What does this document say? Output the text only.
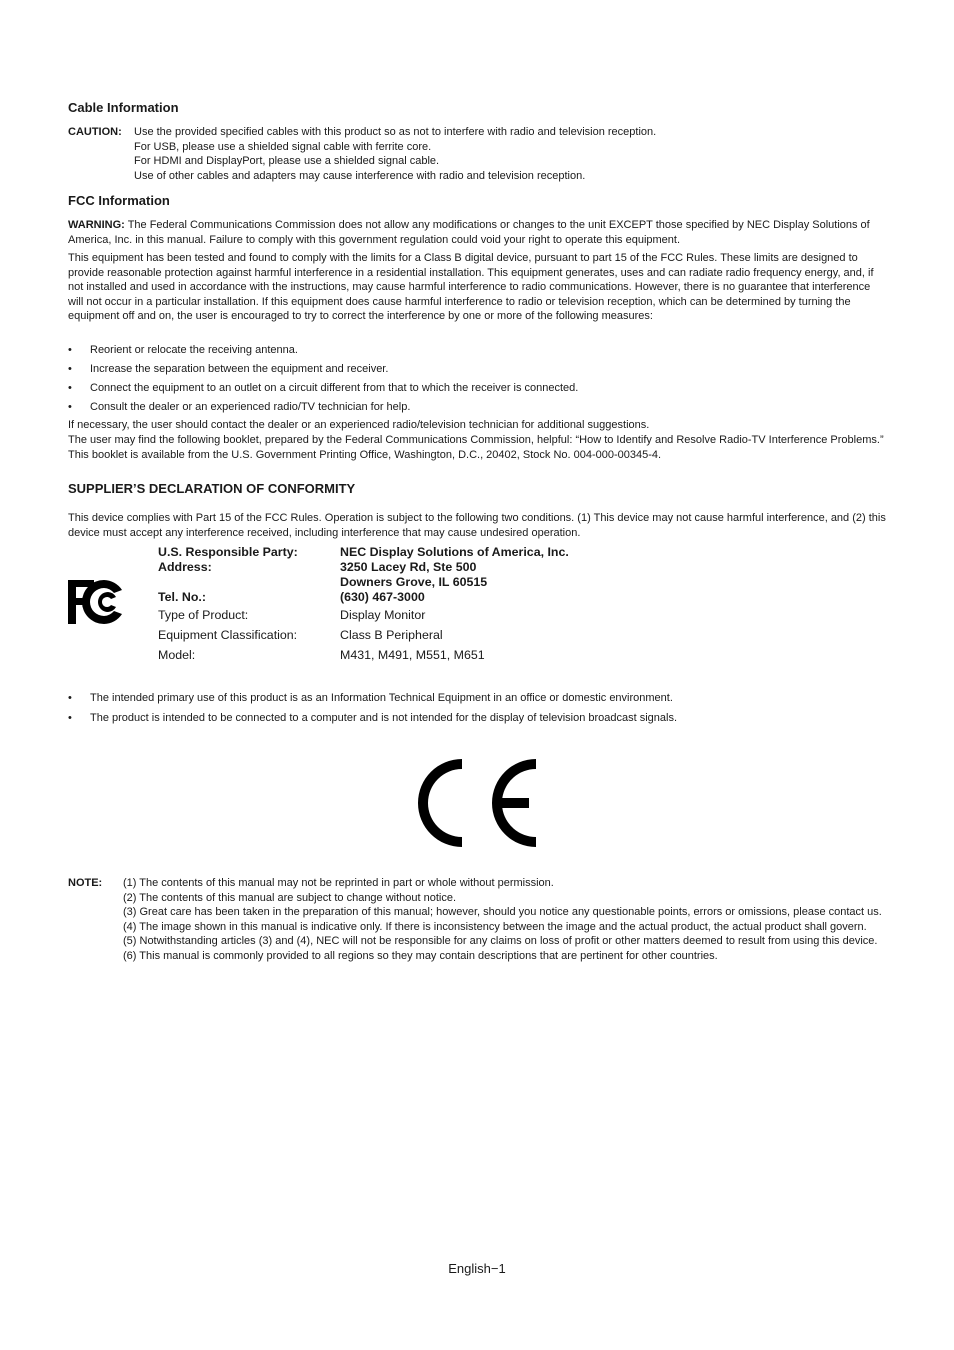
Cable Information
CAUTION: Use the provided specified cables with this product so as not to interfere with radio and television reception.
For USB, please use a shielded signal cable with ferrite core.
For HDMI and DisplayPort, please use a shielded signal cable.
Use of other cables and adapters may cause interference with radio and television reception.
FCC Information

WARNING: The Federal Communications Commission does not allow any modifications or changes to the unit EXCEPT those specified by NEC Display Solutions of America, Inc. in this manual. Failure to comply with this government regulation could void your right to operate this equipment.

This equipment has been tested and found to comply with the limits for a Class B digital device, pursuant to part 15 of the FCC Rules. These limits are designed to provide reasonable protection against harmful interference in a residential installation. This equipment generates, uses and can radiate radio frequency energy, and, if not installed and used in accordance with the instructions, may cause harmful interference to radio communications. However, there is no guarantee that interference will not occur in a particular installation. If this equipment does cause harmful interference to radio or television reception, which can be determined by turning the equipment off and on, the user is encouraged to try to correct the interference by one or more of the following measures:

• Reorient or relocate the receiving antenna.
• Increase the separation between the equipment and receiver.
• Connect the equipment to an outlet on a circuit different from that to which the receiver is connected.
• Consult the dealer or an experienced radio/TV technician for help.

If necessary, the user should contact the dealer or an experienced radio/television technician for additional suggestions.

The user may find the following booklet, prepared by the Federal Communications Commission, helpful: “How to Identify and Resolve Radio-TV Interference Problems.” This booklet is available from the U.S. Government Printing Office, Washington, D.C., 20402, Stock No. 004-000-00345-4.

SUPPLIER’S DECLARATION OF CONFORMITY

This device complies with Part 15 of the FCC Rules. Operation is subject to the following two conditions. (1) This device may not cause harmful interference, and (2) this device must accept any interference received, including interference that may cause undesired operation.

U.S. Responsible Party:	NEC Display Solutions of America, Inc.
Address:	3250 Lacey Rd, Ste 500
Downers Grove, IL 60515
Tel. No.:	(630) 467-3000
Type of Product:	Display Monitor
Equipment Classification:	Class B Peripheral
Model:	M431, M491, M551, M651
• The intended primary use of this product is as an Information Technical Equipment in an office or domestic environment.
• The product is intended to be connected to a computer and is not intended for the display of television broadcast signals.
NOTE: (1) The contents of this manual may not be reprinted in part or whole without permission.
(2) The contents of this manual are subject to change without notice.
(3) Great care has been taken in the preparation of this manual; however, should you notice any questionable points, errors or omissions, please contact us.
(4) The image shown in this manual is indicative only. If there is inconsistency between the image and the actual product, the actual product shall govern.
(5) Notwithstanding articles (3) and (4), NEC will not be responsible for any claims on loss of profit or other matters deemed to result from using this device.
(6) This manual is commonly provided to all regions so they may contain descriptions that are pertinent for other countries.
English−1
